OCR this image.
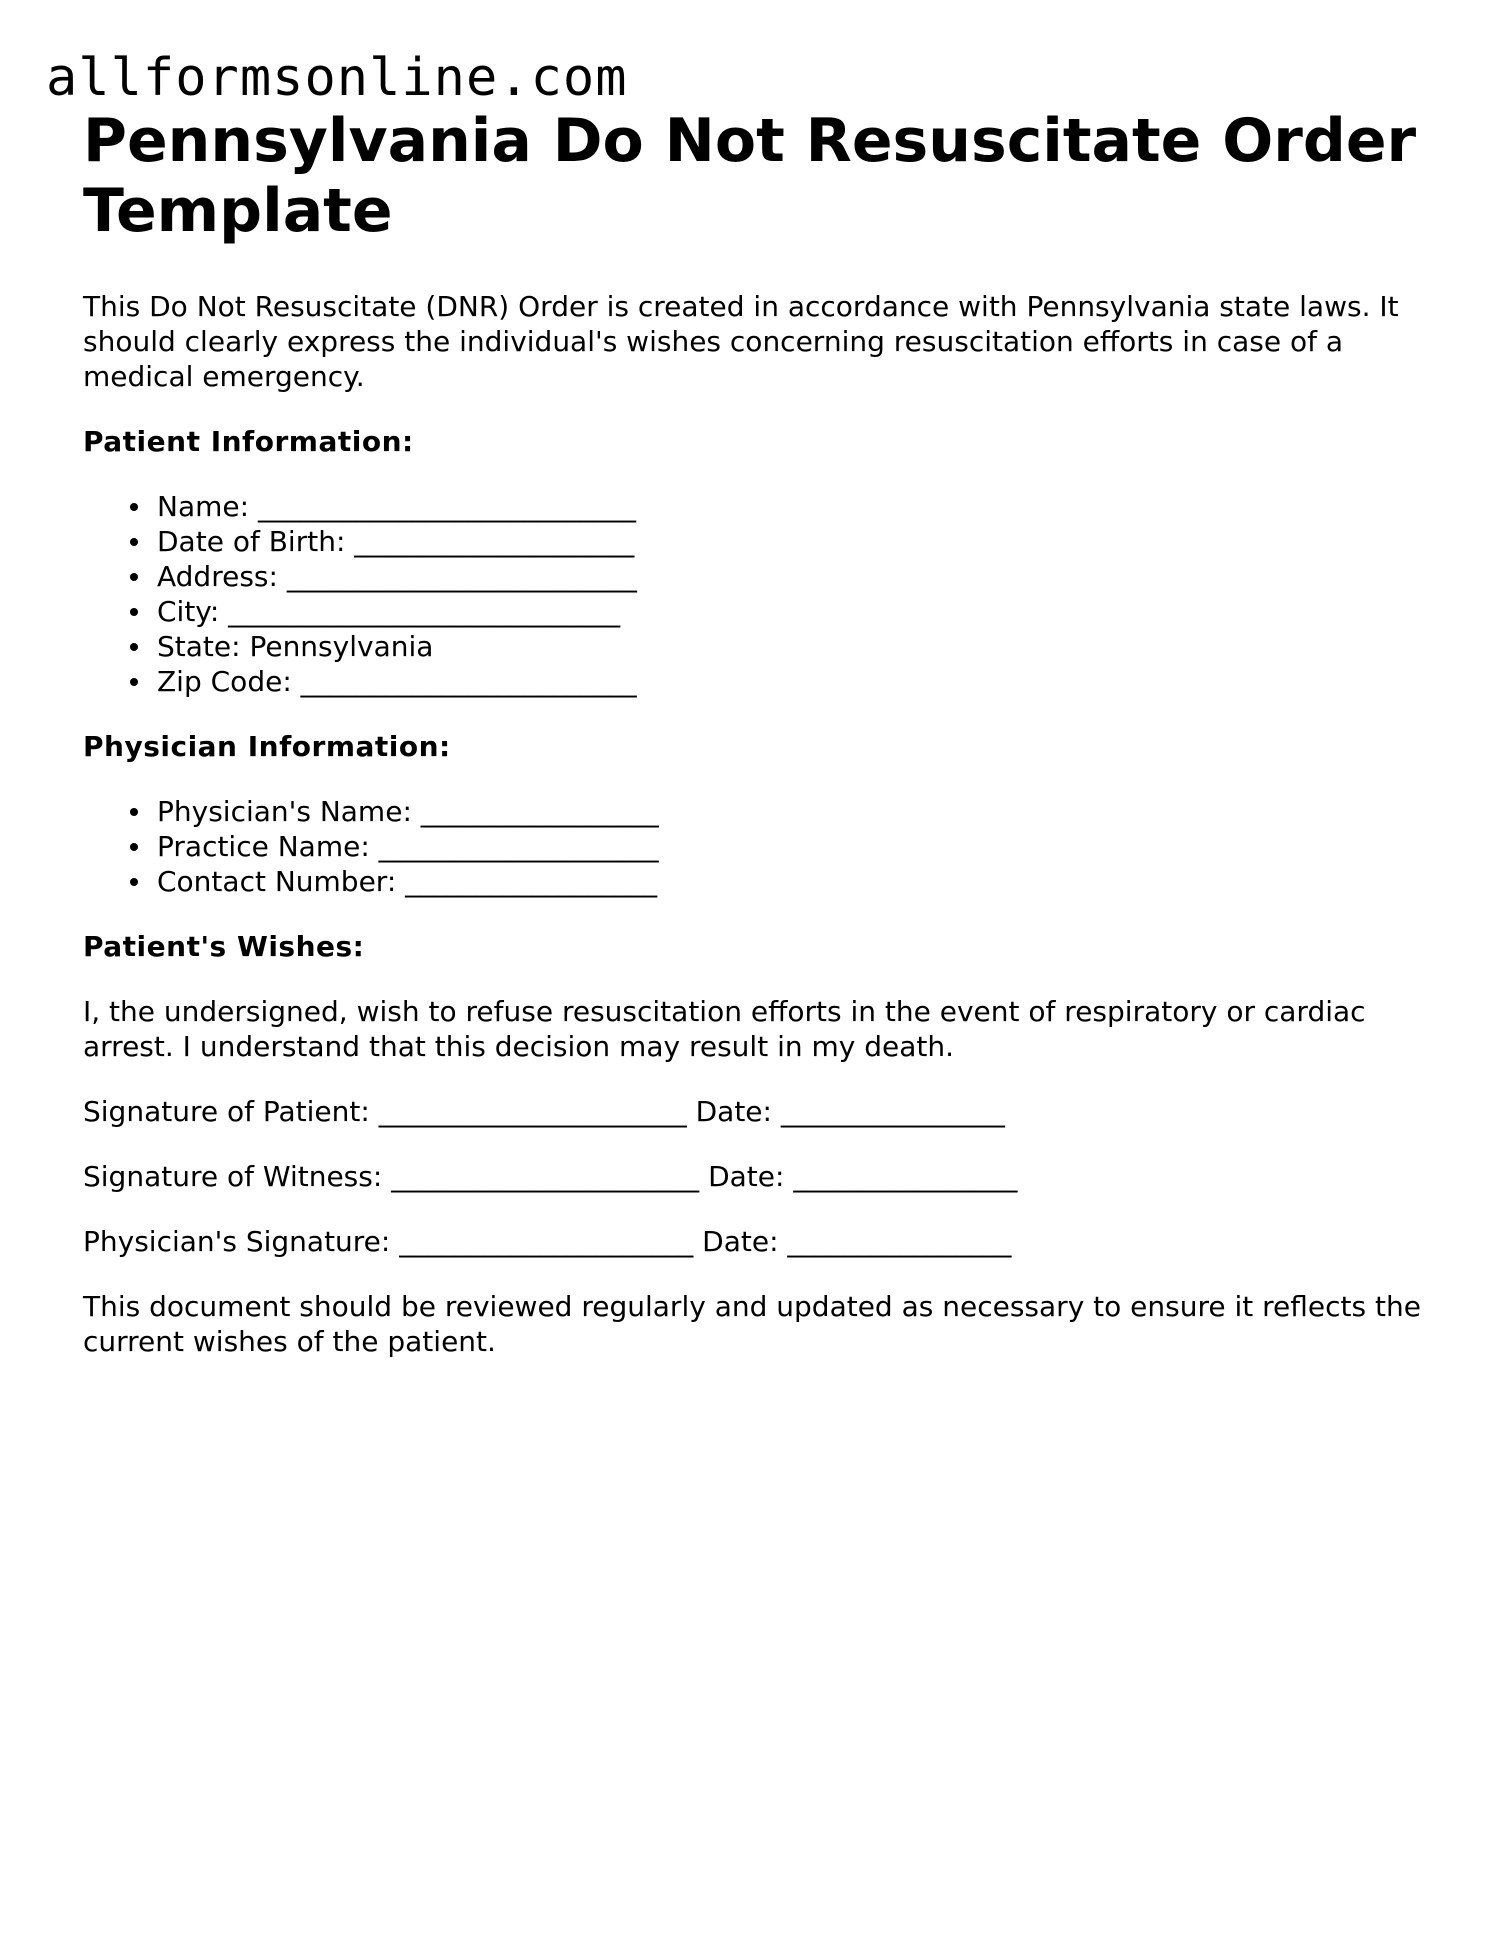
allformsonline.com
Pennsylvania Do Not Resuscitate Order Template

This Do Not Resuscitate (DNR) Order is created in accordance with Pennsylvania state laws. It should clearly express the individual's wishes concerning resuscitation efforts in case of a medical emergency.

Patient Information:

Name: ___________________________
Date of Birth: ____________________
Address: _________________________
City: ____________________________
State: Pennsylvania
Zip Code: ________________________

Physician Information:

Physician's Name: _________________
Practice Name: ____________________
Contact Number: __________________

Patient's Wishes:

I, the undersigned, wish to refuse resuscitation efforts in the event of respiratory or cardiac arrest. I understand that this decision may result in my death.

Signature of Patient: ______________________ Date: ________________

Signature of Witness: ______________________ Date: ________________

Physician's Signature: _____________________ Date: ________________

This document should be reviewed regularly and updated as necessary to ensure it reflects the current wishes of the patient.
